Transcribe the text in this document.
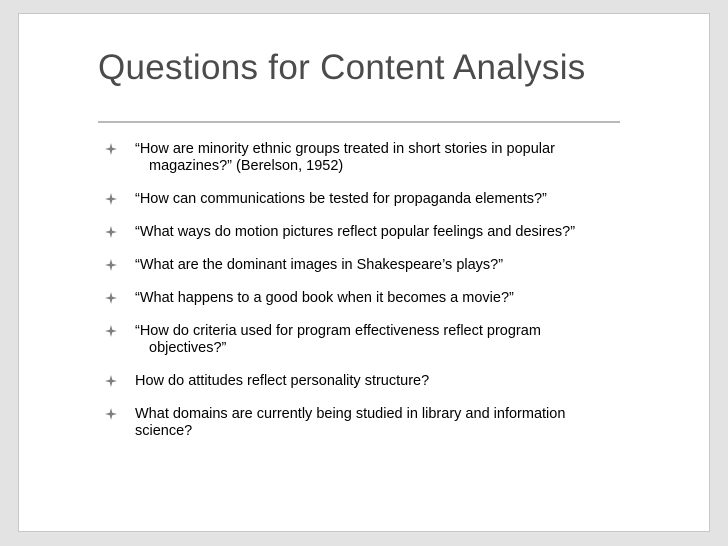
Questions for Content Analysis
“How are minority ethnic groups treated in short stories in popular
magazines?” (Berelson, 1952)
“How can communications be tested for propaganda elements?”
“What ways do motion pictures reflect popular feelings and desires?”
“What are the dominant images in Shakespeare’s plays?”
“What happens to a good book when it becomes a movie?”
“How do criteria used for program effectiveness reflect program
objectives?”
How do attitudes reflect personality structure?
What domains are currently being studied in library and information
science?
